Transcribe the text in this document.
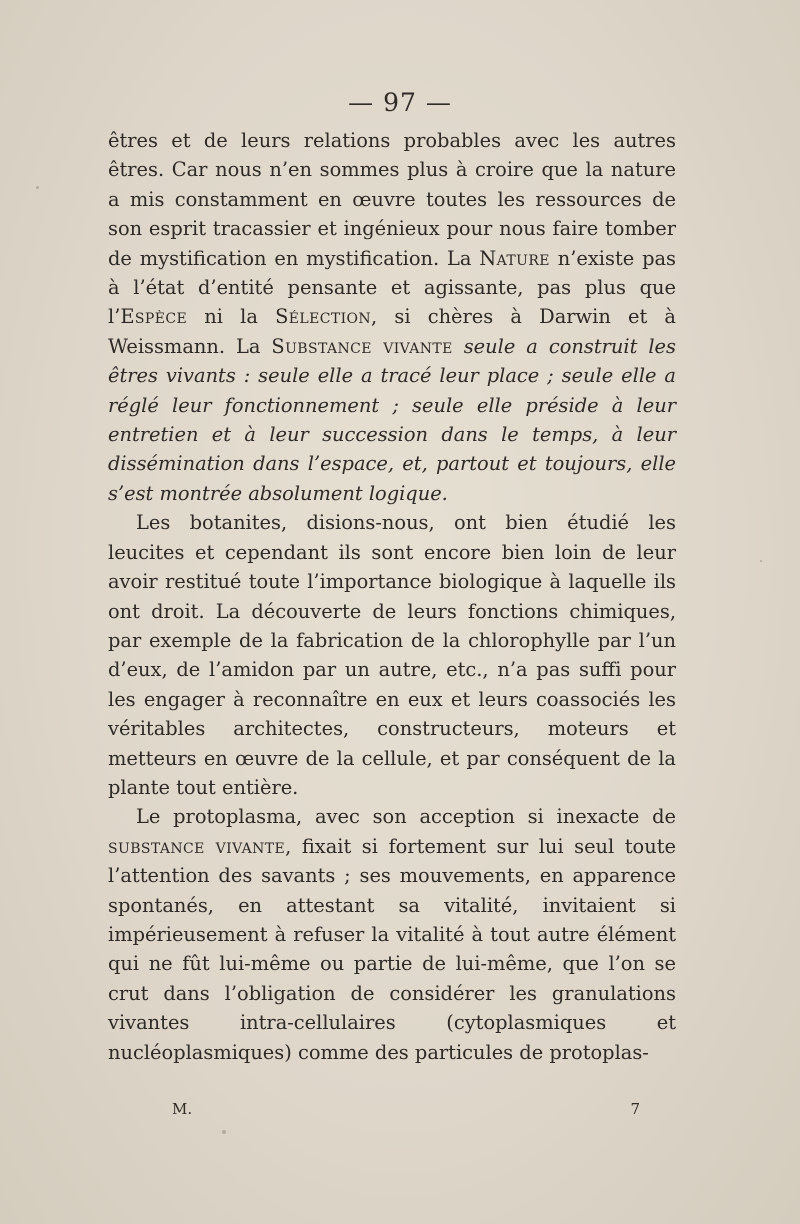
— 97 —

êtres et de leurs relations probables avec les autres êtres. Car nous n’en sommes plus à croire que la nature a mis constamment en œuvre toutes les ressources de son esprit tracassier et ingénieux pour nous faire tomber de mystification en mystification. La Nature n’existe pas à l’état d’entité pensante et agissante, pas plus que l’Espèce ni la Sélection, si chères à Darwin et à Weissmann. La Substance vivante seule a construit les êtres vivants : seule elle a tracé leur place ; seule elle a réglé leur fonctionnement ; seule elle préside à leur entretien et à leur succession dans le temps, à leur dissémination dans l’espace, et, partout et toujours, elle s’est montrée absolument logique.

Les botanites, disions-nous, ont bien étudié les leucites et cependant ils sont encore bien loin de leur avoir restitué toute l’importance biologique à laquelle ils ont droit. La découverte de leurs fonctions chimiques, par exemple de la fabrication de la chlorophylle par l’un d’eux, de l’amidon par un autre, etc., n’a pas suffi pour les engager à reconnaître en eux et leurs coassociés les véritables architectes, constructeurs, moteurs et metteurs en œuvre de la cellule, et par conséquent de la plante tout entière.

Le protoplasma, avec son acception si inexacte de substance vivante, fixait si fortement sur lui seul toute l’attention des savants ; ses mouvements, en apparence spontanés, en attestant sa vitalité, invitaient si impérieusement à refuser la vitalité à tout autre élément qui ne fût lui-même ou partie de lui-même, que l’on se crut dans l’obligation de considérer les granulations vivantes intra-cellulaires (cytoplasmiques et nucléoplasmiques) comme des particules de protoplas-

M.	7
